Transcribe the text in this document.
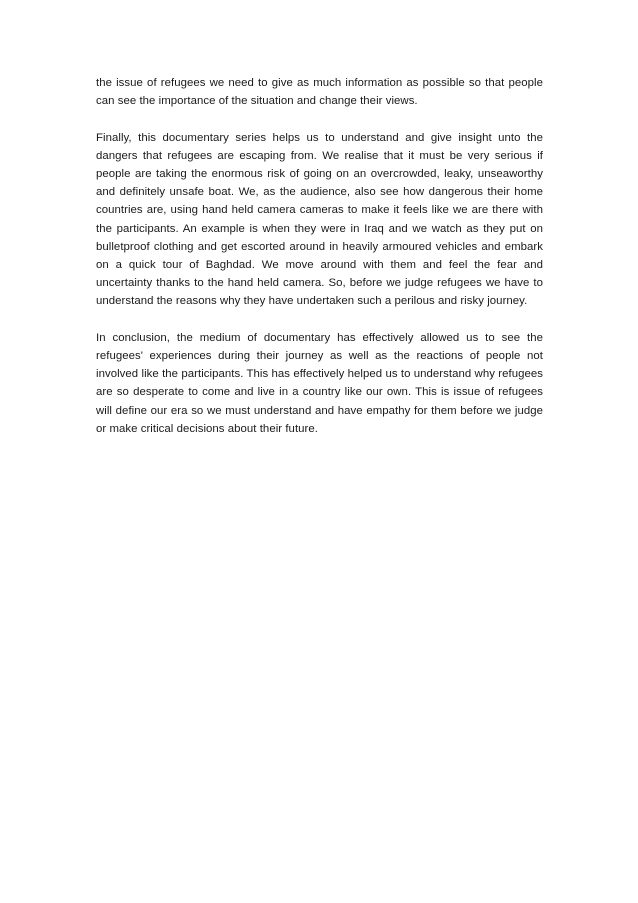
the issue of refugees we need to give as much information as possible so that people can see the importance of the situation and change their views.

Finally, this documentary series helps us to understand and give insight unto the dangers that refugees are escaping from. We realise that it must be very serious if people are taking the enormous risk of going on an overcrowded, leaky, unseaworthy and definitely unsafe boat. We, as the audience, also see how dangerous their home countries are, using hand held camera cameras to make it feels like we are there with the participants. An example is when they were in Iraq and we watch as they put on bulletproof clothing and get escorted around in heavily armoured vehicles and embark on a quick tour of Baghdad. We move around with them and feel the fear and uncertainty thanks to the hand held camera. So, before we judge refugees we have to understand the reasons why they have undertaken such a perilous and risky journey.

In conclusion, the medium of documentary has effectively allowed us to see the refugees' experiences during their journey as well as the reactions of people not involved like the participants. This has effectively helped us to understand why refugees are so desperate to come and live in a country like our own. This is issue of refugees will define our era so we must understand and have empathy for them before we judge or make critical decisions about their future.
